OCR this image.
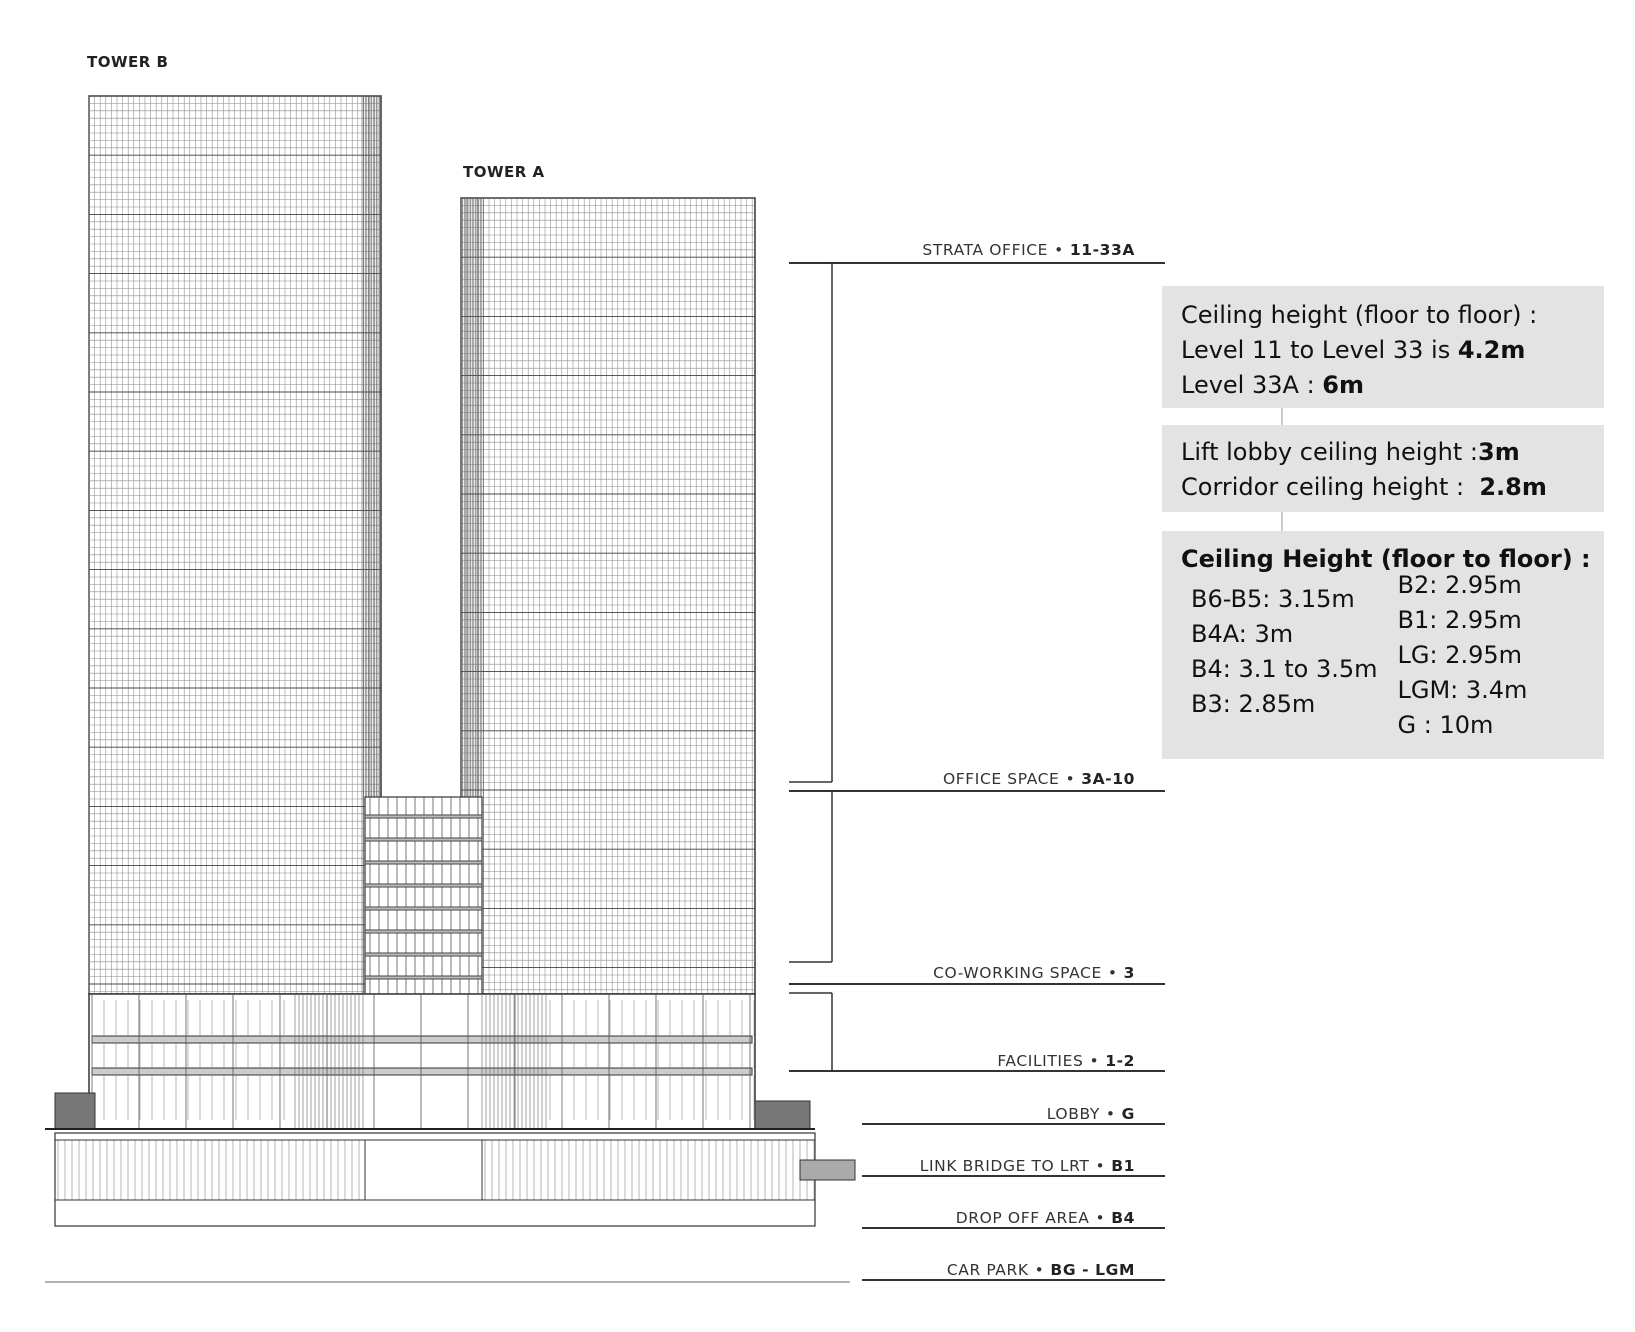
TOWER B
TOWER A
STRATA OFFICE • 11-33A
OFFICE SPACE • 3A-10
CO-WORKING SPACE • 3
FACILITIES • 1-2
LOBBY • G
LINK BRIDGE TO LRT • B1
DROP OFF AREA • B4
CAR PARK • BG - LGM
Ceiling height (floor to floor) :
Level 11 to Level 33 is 4.2m
Level 33A : 6m
Lift lobby ceiling height :3m
Corridor ceiling height :  2.8m
Ceiling Height (floor to floor) :
B6-B5: 3.15m
B4A: 3m
B4: 3.1 to 3.5m
B3: 2.85m
B2: 2.95m
B1: 2.95m
LG: 2.95m
LGM: 3.4m
G : 10m
